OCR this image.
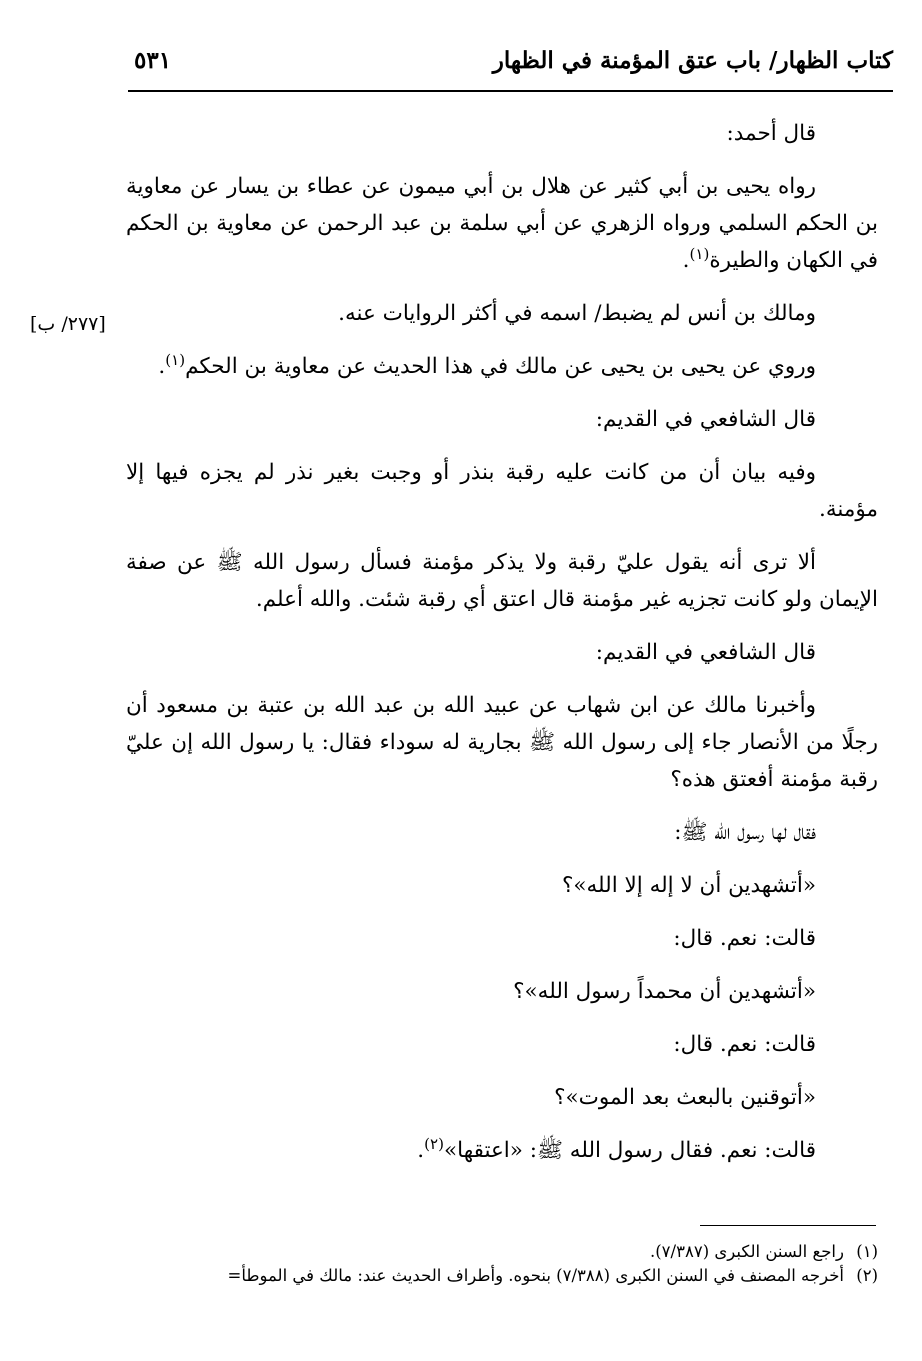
كتاب الظهار/ باب عتق المؤمنة في الظهار
٥٣١
[٢٧٧/ ب]

قال أحمد:

رواه يحيى بن أبي كثير عن هلال بن أبي ميمون عن عطاء بن يسار عن معاوية بن الحكم السلمي ورواه الزهري عن أبي سلمة بن عبد الرحمن عن معاوية بن الحكم في الكهان والطيرة$^{(١)}$.

ومالك بن أنس لم يضبط/ اسمه في أكثر الروايات عنه.

وروي عن يحيى بن يحيى عن مالك في هذا الحديث عن معاوية بن الحكم$^{(١)}$.

قال الشافعي في القديم:

وفيه بيان أن من كانت عليه رقبة بنذر أو وجبت بغير نذر لم يجزه فيها إلا مؤمنة.

ألا ترى أنه يقول عليّ رقبة ولا يذكر مؤمنة فسأل رسول الله ﷺ عن صفة الإيمان ولو كانت تجزيه غير مؤمنة قال اعتق أي رقبة شئت. والله أعلم.

قال الشافعي في القديم:

وأخبرنا مالك عن ابن شهاب عن عبيد الله بن عبد الله بن عتبة بن مسعود أن رجلًا من الأنصار جاء إلى رسول الله ﷺ بجارية له سوداء فقال: يا رسول الله إن عليّ رقبة مؤمنة أفعتق هذه؟

فقال لها رسول الله ﷺ:

«أتشهدين أن لا إله إلا الله»؟

قالت: نعم. قال:

«أتشهدين أن محمداً رسول الله»؟

قالت: نعم. قال:

«أتوقنين بالبعث بعد الموت»؟

قالت: نعم. فقال رسول الله ﷺ: «اعتقها»$^{(٢)}$.

(١)راجع السنن الكبرى (٧/٣٨٧).

(٢)أخرجه المصنف في السنن الكبرى (٧/٣٨٨) بنحوه. وأطراف الحديث عند: مالك في الموطأ=
